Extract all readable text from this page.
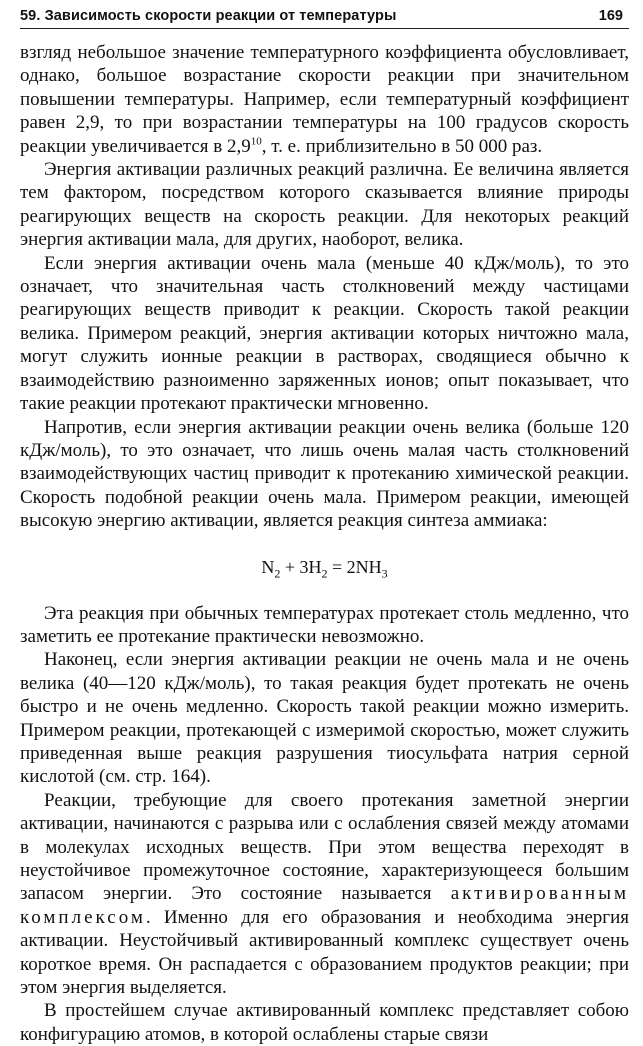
59. Зависимость скорости реакции от температуры	169

взгляд небольшое значение температурного коэффициента обусловливает, однако, большое возрастание скорости реакции при значительном повышении температуры. Например, если температурный коэффициент равен 2,9, то при возрастании температуры на 100 градусов скорость реакции увеличивается в $2,9^{10}$, т. е. приблизительно в 50 000 раз.

Энергия активации различных реакций различна. Ее величина является тем фактором, посредством которого сказывается влияние природы реагирующих веществ на скорость реакции. Для некоторых реакций энергия активации мала, для других, наоборот, велика.

Если энергия активации очень мала (меньше 40 кДж/моль), то это означает, что значительная часть столкновений между частицами реагирующих веществ приводит к реакции. Скорость такой реакции велика. Примером реакций, энергия активации которых ничтожно мала, могут служить ионные реакции в растворах, сводящиеся обычно к взаимодействию разноименно заряженных ионов; опыт показывает, что такие реакции протекают практически мгновенно.

Напротив, если энергия активации реакции очень велика (больше 120 кДж/моль), то это означает, что лишь очень малая часть столкновений взаимодействующих частиц приводит к протеканию химической реакции. Скорость подобной реакции очень мала. Примером реакции, имеющей высокую энергию активации, является реакция синтеза аммиака:

$N_2 + 3H_2 = 2NH_3$

Эта реакция при обычных температурах протекает столь медленно, что заметить ее протекание практически невозможно.

Наконец, если энергия активации реакции не очень мала и не очень велика (40—120 кДж/моль), то такая реакция будет протекать не очень быстро и не очень медленно. Скорость такой реакции можно измерить. Примером реакции, протекающей с измеримой скоростью, может служить приведенная выше реакция разрушения тиосульфата натрия серной кислотой (см. стр. 164).

Реакции, требующие для своего протекания заметной энергии активации, начинаются с разрыва или с ослабления связей между атомами в молекулах исходных веществ. При этом вещества переходят в неустойчивое промежуточное состояние, характеризующееся большим запасом энергии. Это состояние называется активированным комплексом. Именно для его образования и необходима энергия активации. Неустойчивый активированный комплекс существует очень короткое время. Он распадается с образованием продуктов реакции; при этом энергия выделяется.

В простейшем случае активированный комплекс представляет собою конфигурацию атомов, в которой ослаблены старые связи
